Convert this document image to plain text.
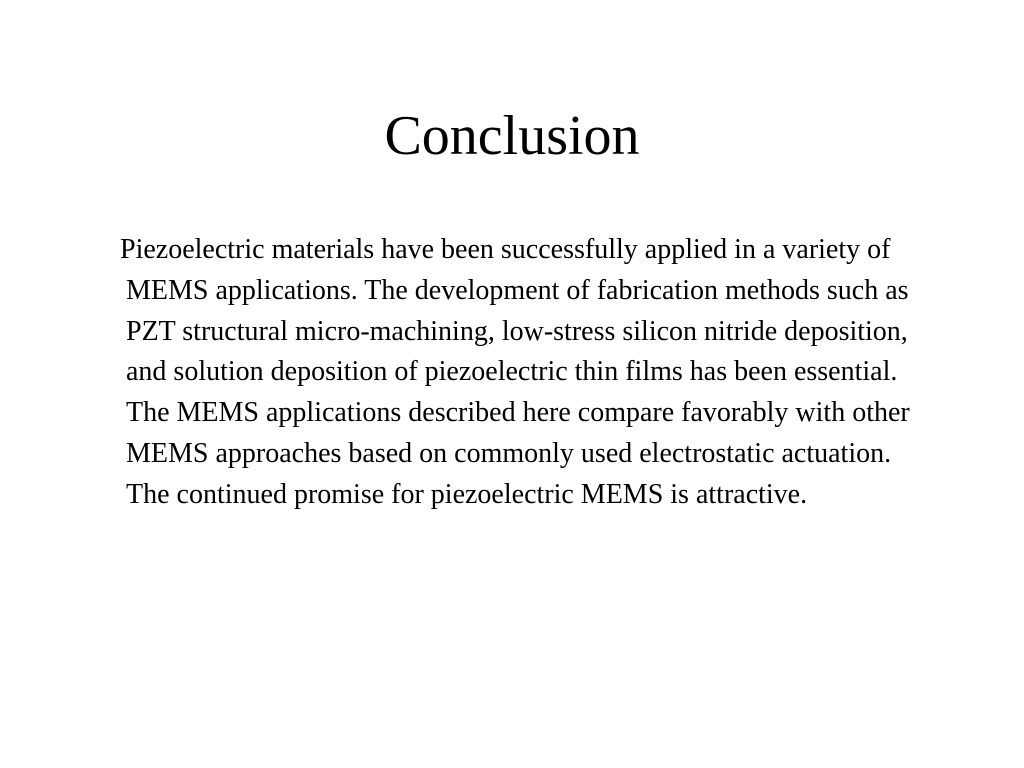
Conclusion

Piezoelectric materials have been successfully applied in a variety of MEMS applications. The development of fabrication methods such as PZT structural micro-machining, low-stress silicon nitride deposition, and solution deposition of piezoelectric thin films has been essential. The MEMS applications described here compare favorably with other MEMS approaches based on commonly used electrostatic actuation. The continued promise for piezoelectric MEMS is attractive.
